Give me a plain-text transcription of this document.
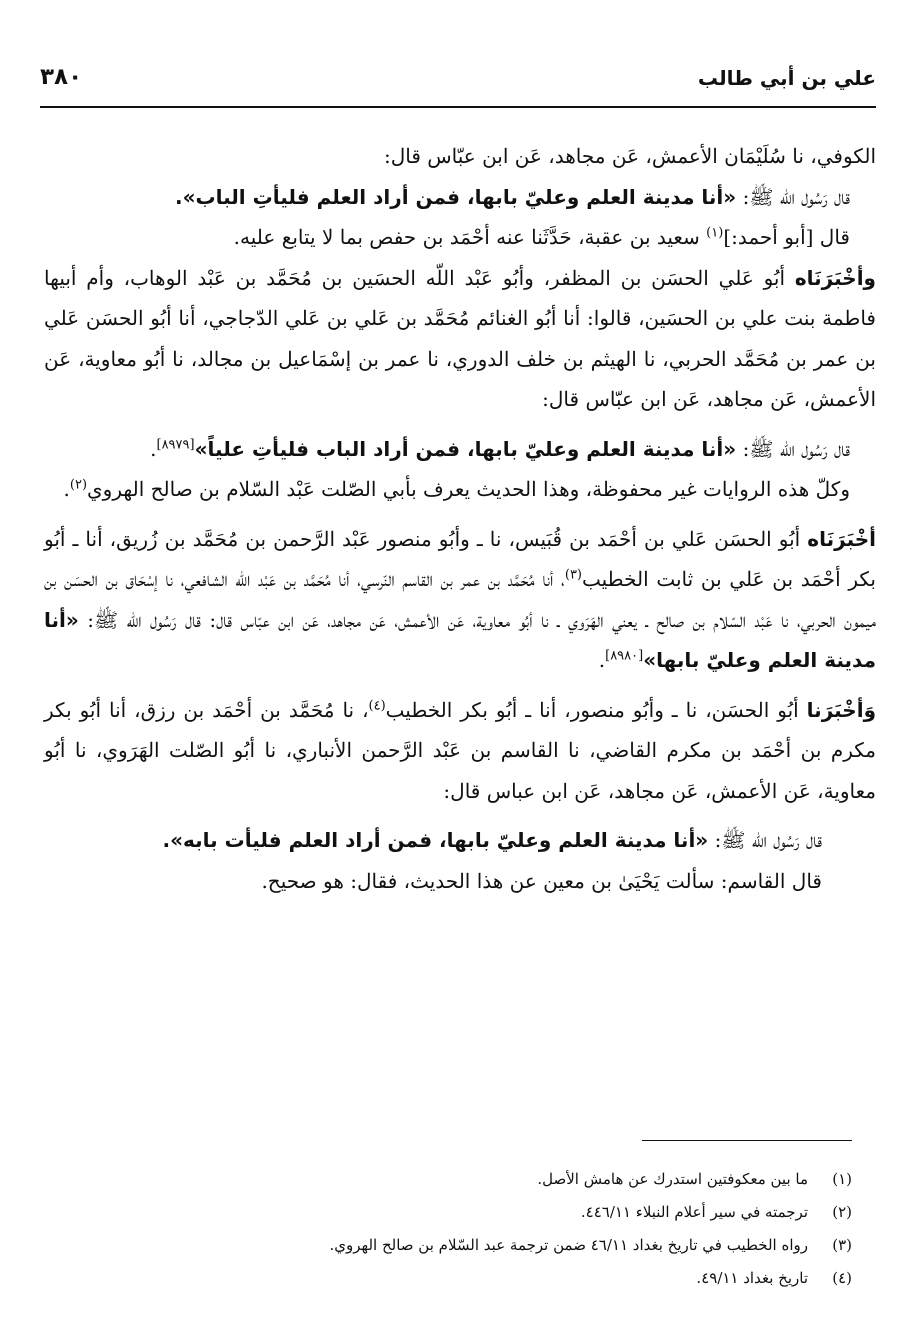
٣٨٠	علي بن أبي طالب

الكوفي، نا سُلَيْمَان الأعمش، عَن مجاهد، عَن ابن عبّاس قال:

قال رَسُول الله ﷺ: «أنا مدينة العلم وعليّ بابها، فمن أراد العلم فليأتِ الباب».

قال [أبو أحمد:]$^{(١)}$ سعيد بن عقبة، حَدَّثَنا عنه أحْمَد بن حفص بما لا يتابع عليه.

وأخْبَرَنَاه أبُو عَلي الحسَن بن المظفر، وأبُو عَبْد اللّه الحسَين بن مُحَمَّد بن عَبْد الوهاب، وأم أبيها فاطمة بنت علي بن الحسَين، قالوا: أنا أبُو الغنائم مُحَمَّد بن عَلي بن عَلي الدّجاجي، أنا أبُو الحسَن عَلي بن عمر بن مُحَمَّد الحربي، نا الهيثم بن خلف الدوري، نا عمر بن إسْمَاعيل بن مجالد، نا أبُو معاوية، عَن الأعمش، عَن مجاهد، عَن ابن عبّاس قال:

قال رَسُول الله ﷺ: «أنا مدينة العلم وعليّ بابها، فمن أراد الباب فليأتِ علياً»[٨٩٧٩].

وكلّ هذه الروايات غير محفوظة، وهذا الحديث يعرف بأبي الصّلت عَبْد السّلام بن صالح الهروي$^{(٢)}$.

أخْبَرَنَاه أبُو الحسَن عَلي بن أحْمَد بن قُبَيس، نا ـ وأبُو منصور عَبْد الرَّحمن بن مُحَمَّد بن زُريق، أنا ـ أبُو بكر أحْمَد بن عَلي بن ثابت الخطيب$^{(٣)}$، أنا مُحَمَّد بن عمر بن القاسم النّرسي، أنا مُحَمَّد بن عَبْد اللّه الشافعي، نا إسْحَاق بن الحسَن بن ميمون الحربي، نا عَبْد السّلام بن صالح ـ يعني الهَرَوي ـ نا أبُو معاوية، عَن الأعمش، عَن مجاهد، عَن ابن عبّاس قال: قال رَسُول الله ﷺ: «أنا مدينة العلم وعليّ بابها»[٨٩٨٠].

وَأخْبَرَنا أبُو الحسَن، نا ـ وأبُو منصور، أنا ـ أبُو بكر الخطيب$^{(٤)}$، نا مُحَمَّد بن أحْمَد بن رزق، أنا أبُو بكر مكرم بن أحْمَد بن مكرم القاضي، نا القاسم بن عَبْد الرَّحمن الأنباري، نا أبُو الصّلت الهَرَوي، نا أبُو معاوية، عَن الأعمش، عَن مجاهد، عَن ابن عباس قال:

قال رَسُول الله ﷺ: «أنا مدينة العلم وعليّ بابها، فمن أراد العلم فليأت بابه».

قال القاسم: سألت يَحْيَىٰ بن معين عن هذا الحديث، فقال: هو صحيح.

(١)
ما بين معكوفتين استدرك عن هامش الأصل.
(٢)
ترجمته في سير أعلام النبلاء ٤٤٦/١١.
(٣)
رواه الخطيب في تاريخ بغداد ٤٦/١١ ضمن ترجمة عبد السّلام بن صالح الهروي.
(٤)
تاريخ بغداد ٤٩/١١.
